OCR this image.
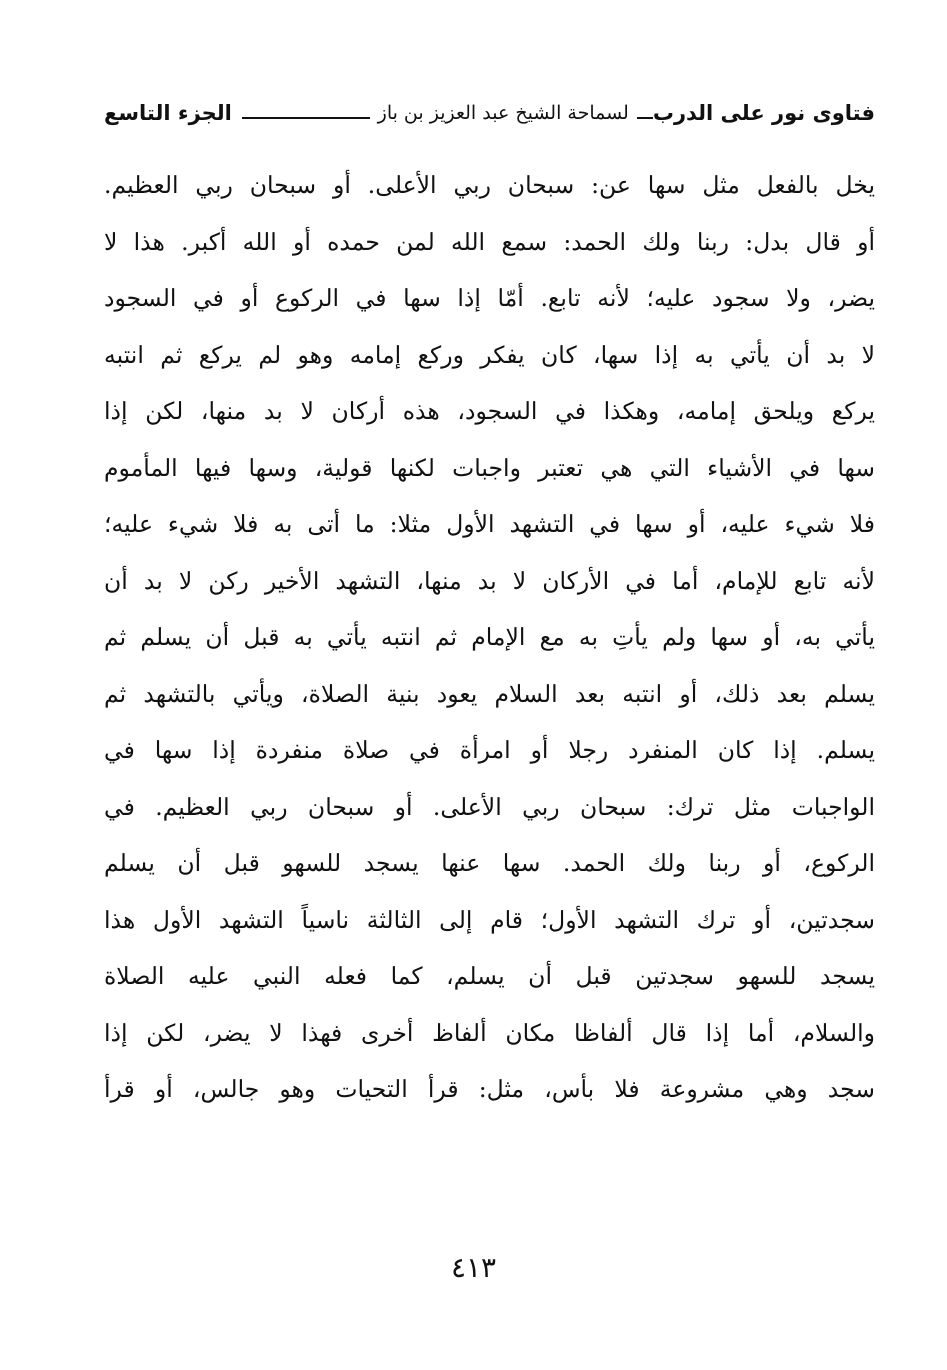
فتاوى نور على الدرب
لسماحة الشيخ عبد العزيز بن باز
الجزء التاسع
يخل بالفعل مثل سها عن: سبحان ربي الأعلى. أو سبحان ربي العظيم.
أو قال بدل: ربنا ولك الحمد: سمع الله لمن حمده أو الله أكبر. هذا لا
يضر، ولا سجود عليه؛ لأنه تابع. أمّا إذا سها في الركوع أو في السجود
لا بد أن يأتي به إذا سها، كان يفكر وركع إمامه وهو لم يركع ثم انتبه
يركع ويلحق إمامه، وهكذا في السجود، هذه أركان لا بد منها، لكن إذا
سها في الأشياء التي هي تعتبر واجبات لكنها قولية، وسها فيها المأموم
فلا شيء عليه، أو سها في التشهد الأول مثلا: ما أتى به فلا شيء عليه؛
لأنه تابع للإمام، أما في الأركان لا بد منها، التشهد الأخير ركن لا بد أن
يأتي به، أو سها ولم يأتِ به مع الإمام ثم انتبه يأتي به قبل أن يسلم ثم
يسلم بعد ذلك، أو انتبه بعد السلام يعود بنية الصلاة، ويأتي بالتشهد ثم
يسلم. إذا كان المنفرد رجلا أو امرأة في صلاة منفردة إذا سها في
الواجبات مثل ترك: سبحان ربي الأعلى. أو سبحان ربي العظيم. في
الركوع، أو ربنا ولك الحمد. سها عنها يسجد للسهو قبل أن يسلم
سجدتين، أو ترك التشهد الأول؛ قام إلى الثالثة ناسياً التشهد الأول هذا
يسجد للسهو سجدتين قبل أن يسلم، كما فعله النبي عليه الصلاة
والسلام، أما إذا قال ألفاظا مكان ألفاظ أخرى فهذا لا يضر، لكن إذا
سجد وهي مشروعة فلا بأس، مثل: قرأ التحيات وهو جالس، أو قرأ
٤١٣
